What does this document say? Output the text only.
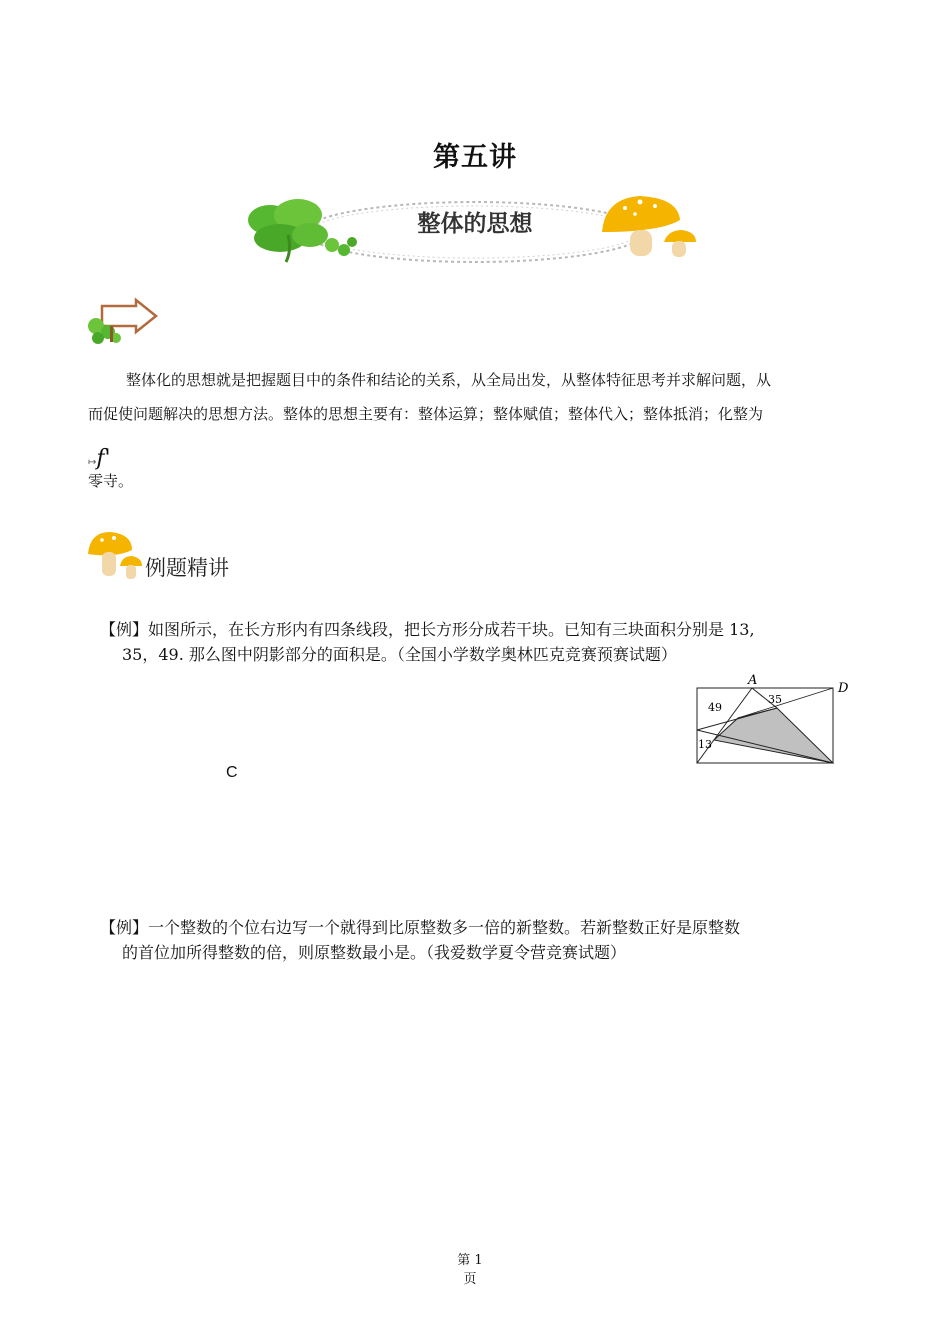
第五讲
整体的思想
整体化的思想就是把握题目中的条件和结论的关系，从全局出发，从整体特征思考并求解问题，从
而促使问题解决的思想方法。整体的思想主要有：整体运算；整体赋值；整体代入；整体抵消；化整为
↦f'
零寺。
例题精讲
【例】如图所示，在长方形内有四条线段，把长方形分成若干块。已知有三块面积分别是 13,
35，49. 那么图中阴影部分的面积是。（全国小学数学奥林匹克竞赛预赛试题）
A
D
49
35
13
C
【例】一个整数的个位右边写一个就得到比原整数多一倍的新整数。若新整数正好是原整数
的首位加所得整数的倍，则原整数最小是。（我爱数学夏令营竞赛试题）
第 1
页
